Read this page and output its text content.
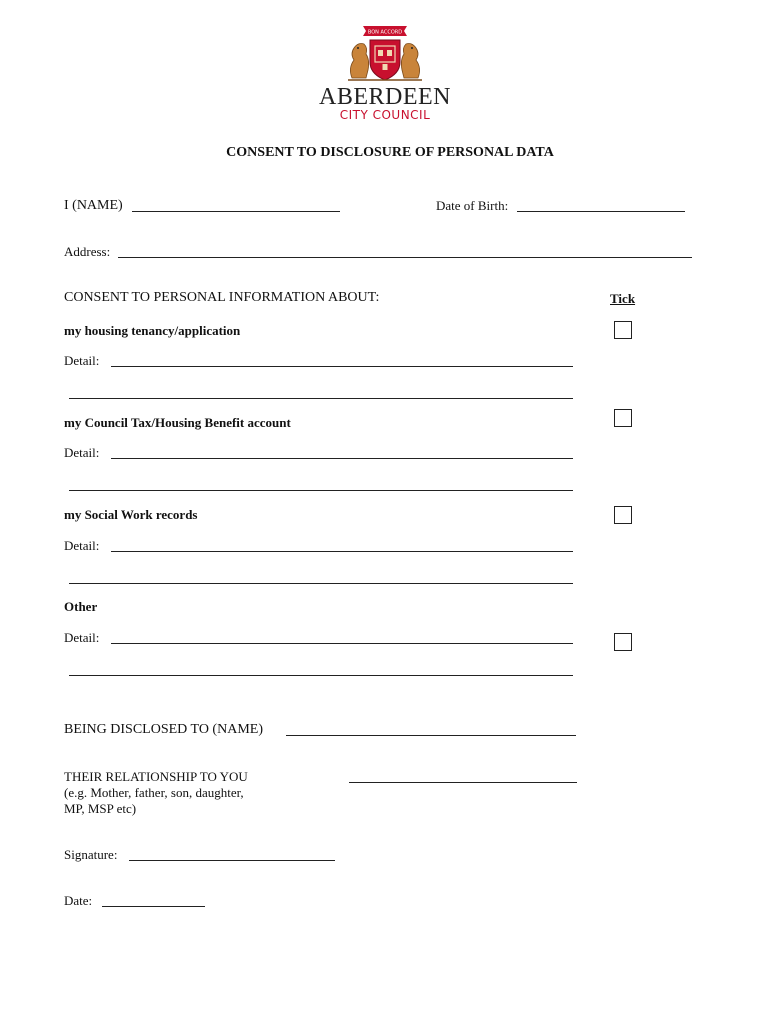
BON ACCORD
ABERDEEN
CITY COUNCIL
CONSENT TO DISCLOSURE OF PERSONAL DATA
I (NAME)	Date of Birth:
Address:
CONSENT TO PERSONAL INFORMATION ABOUT:	Tick
my housing tenancy/application
Detail:
my Council Tax/Housing Benefit account
Detail:
my Social Work records
Detail:
Other
Detail:
BEING DISCLOSED TO (NAME)
THEIR RELATIONSHIP TO YOU
(e.g. Mother, father, son, daughter,
MP, MSP etc)
Signature:
Date:
